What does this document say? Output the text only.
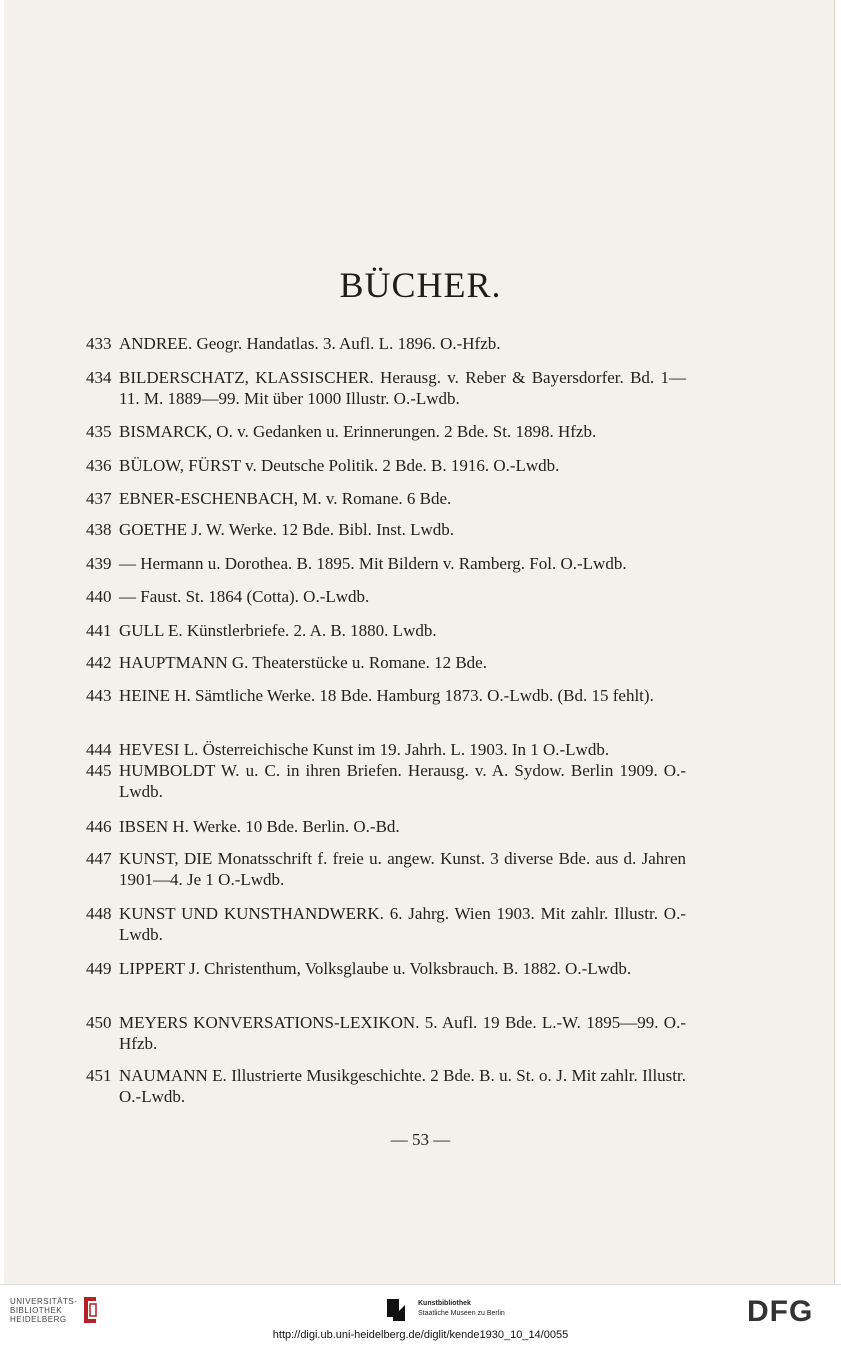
BÜCHER.
433 ANDREE. Geogr. Handatlas. 3. Aufl. L. 1896. O.-Hfzb.
434 BILDERSCHATZ, KLASSISCHER. Herausg. v. Reber & Bayersdorfer. Bd. 1—11. M. 1889—99. Mit über 1000 Illustr. O.-Lwdb.
435 BISMARCK, O. v. Gedanken u. Erinnerungen. 2 Bde. St. 1898. Hfzb.
436 BÜLOW, FÜRST v. Deutsche Politik. 2 Bde. B. 1916. O.-Lwdb.
437 EBNER-ESCHENBACH, M. v. Romane. 6 Bde.
438 GOETHE J. W. Werke. 12 Bde. Bibl. Inst. Lwdb.
439 — Hermann u. Dorothea. B. 1895. Mit Bildern v. Ramberg. Fol. O.-Lwdb.
440 — Faust. St. 1864 (Cotta). O.-Lwdb.
441 GULL E. Künstlerbriefe. 2. A. B. 1880. Lwdb.
442 HAUPTMANN G. Theaterstücke u. Romane. 12 Bde.
443 HEINE H. Sämtliche Werke. 18 Bde. Hamburg 1873. O.-Lwdb. (Bd. 15 fehlt).
444 HEVESI L. Österreichische Kunst im 19. Jahrh. L. 1903. In 1 O.-Lwdb.
445 HUMBOLDT W. u. C. in ihren Briefen. Herausg. v. A. Sydow. Berlin 1909. O.-Lwdb.
446 IBSEN H. Werke. 10 Bde. Berlin. O.-Bd.
447 KUNST, DIE Monatsschrift f. freie u. angew. Kunst. 3 diverse Bde. aus d. Jahren 1901—4. Je 1 O.-Lwdb.
448 KUNST UND KUNSTHANDWERK. 6. Jahrg. Wien 1903. Mit zahlr. Illustr. O.-Lwdb.
449 LIPPERT J. Christenthum, Volksglaube u. Volksbrauch. B. 1882. O.-Lwdb.
450 MEYERS KONVERSATIONS-LEXIKON. 5. Aufl. 19 Bde. L.-W. 1895—99. O.-Hfzb.
451 NAUMANN E. Illustrierte Musikgeschichte. 2 Bde. B. u. St. o. J. Mit zahlr. Illustr. O.-Lwdb.
— 53 —
UNIVERSITÄTS-
BIBLIOTHEK
HEIDELBERG
Kunstbibliothek
Staatliche Museen zu Berlin	DFG
http://digi.ub.uni-heidelberg.de/diglit/kende1930_10_14/0055
